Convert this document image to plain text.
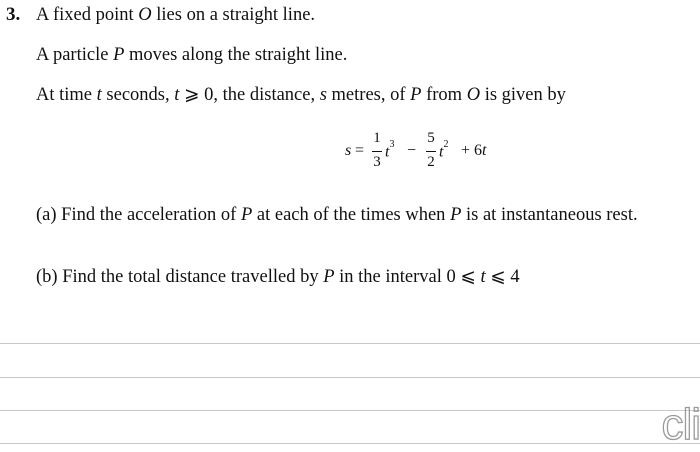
3. A fixed point O lies on a straight line.
A particle P moves along the straight line.
At time t seconds, t ⩾ 0, the distance, s metres, of P from O is given by
s =
1
3
$t^3$ −
5
2
$t^2 + 6t$
(a) Find the acceleration of P at each of the times when P is at instantaneous rest.
(b) Find the total distance travelled by P in the interval 0 ⩽ t ⩽ 4
cli
